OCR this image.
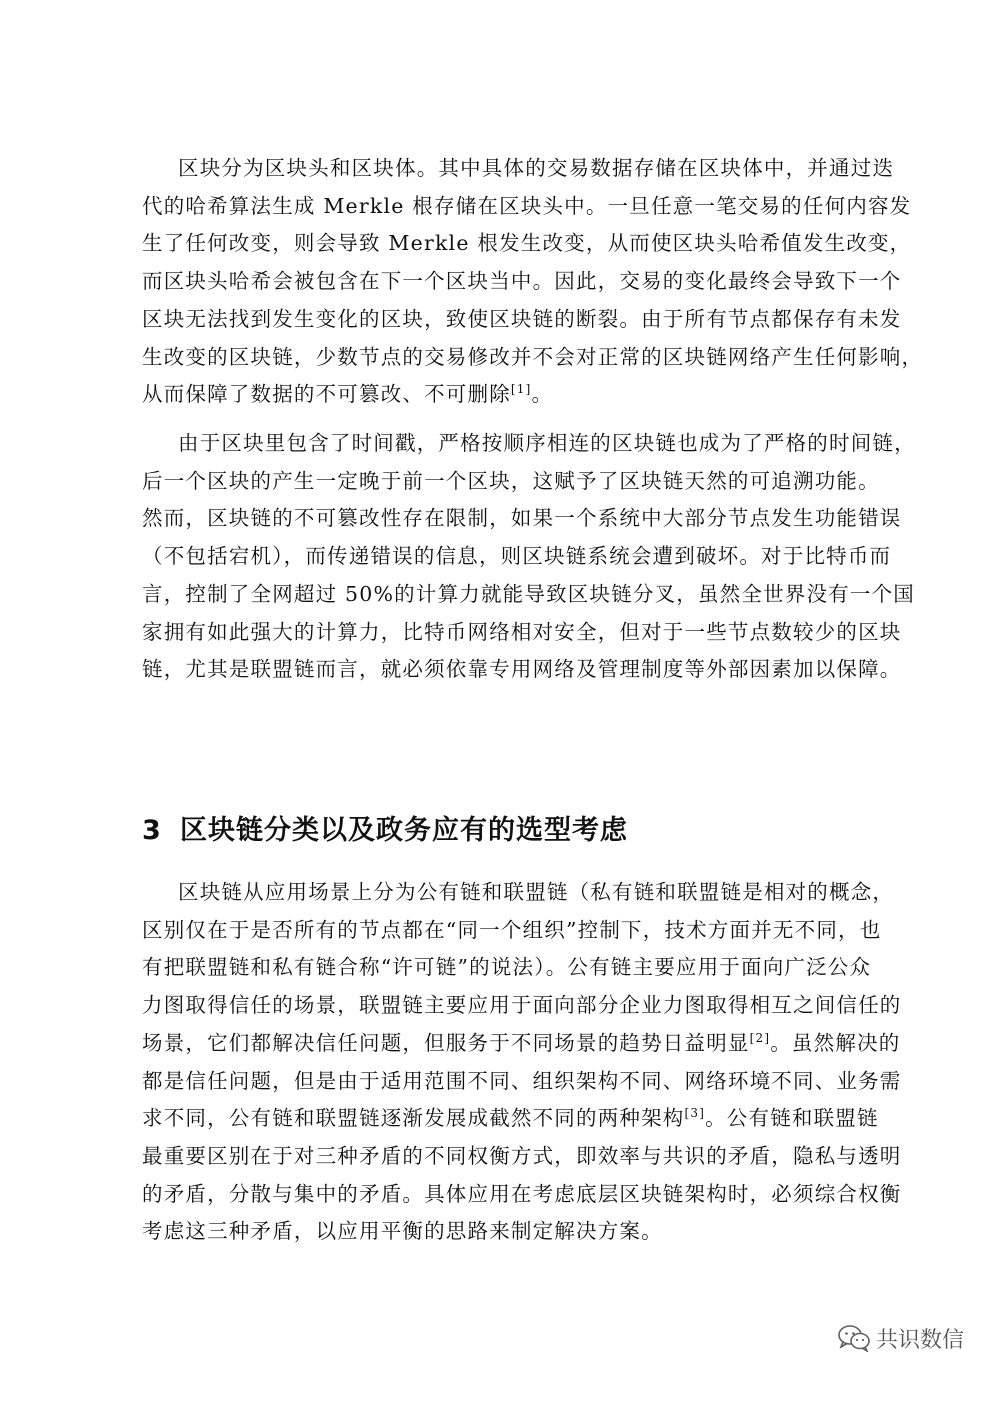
区块分为区块头和区块体。其中具体的交易数据存储在区块体中，并通过迭
代的哈希算法生成 Merkle 根存储在区块头中。一旦任意一笔交易的任何内容发
生了任何改变，则会导致 Merkle 根发生改变，从而使区块头哈希值发生改变，
而区块头哈希会被包含在下一个区块当中。因此，交易的变化最终会导致下一个
区块无法找到发生变化的区块，致使区块链的断裂。由于所有节点都保存有未发
生改变的区块链，少数节点的交易修改并不会对正常的区块链网络产生任何影响，
从而保障了数据的不可篡改、不可删除[1]。
由于区块里包含了时间戳，严格按顺序相连的区块链也成为了严格的时间链，
后一个区块的产生一定晚于前一个区块，这赋予了区块链天然的可追溯功能。
然而，区块链的不可篡改性存在限制，如果一个系统中大部分节点发生功能错误
（不包括宕机），而传递错误的信息，则区块链系统会遭到破坏。对于比特币而
言，控制了全网超过 50%的计算力就能导致区块链分叉，虽然全世界没有一个国
家拥有如此强大的计算力，比特币网络相对安全，但对于一些节点数较少的区块
链，尤其是联盟链而言，就必须依靠专用网络及管理制度等外部因素加以保障。
3 区块链分类以及政务应有的选型考虑
区块链从应用场景上分为公有链和联盟链（私有链和联盟链是相对的概念，
区别仅在于是否所有的节点都在“同一个组织”控制下，技术方面并无不同，也
有把联盟链和私有链合称“许可链”的说法）。公有链主要应用于面向广泛公众
力图取得信任的场景，联盟链主要应用于面向部分企业力图取得相互之间信任的
场景，它们都解决信任问题，但服务于不同场景的趋势日益明显[2]。虽然解决的
都是信任问题，但是由于适用范围不同、组织架构不同、网络环境不同、业务需
求不同，公有链和联盟链逐渐发展成截然不同的两种架构[3]。公有链和联盟链
最重要区别在于对三种矛盾的不同权衡方式，即效率与共识的矛盾，隐私与透明
的矛盾，分散与集中的矛盾。具体应用在考虑底层区块链架构时，必须综合权衡
考虑这三种矛盾，以应用平衡的思路来制定解决方案。
共识数信
